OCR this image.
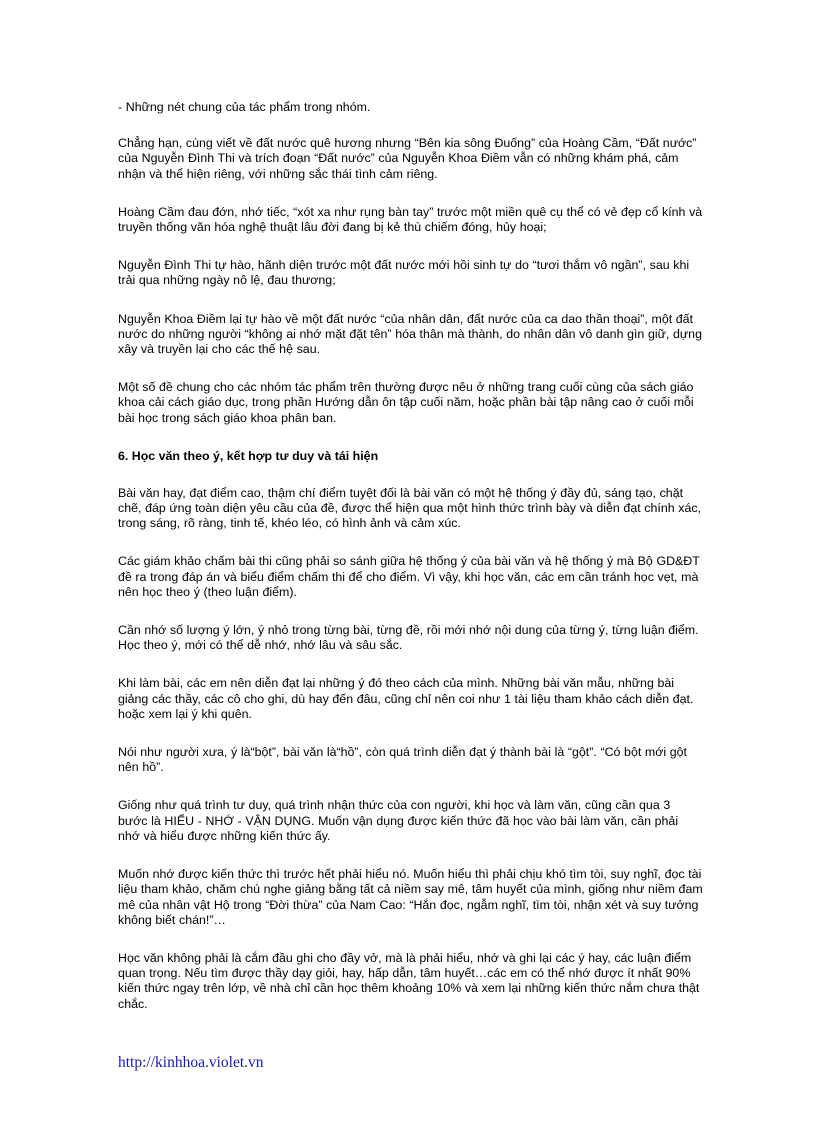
- Những nét chung của tác phẩm trong nhóm.

Chẳng hạn, cùng viết về đất nước quê hương nhưng “Bên kia sông Đuống” của Hoàng Cầm, “Đất nước” của Nguyễn Đình Thi và trích đoạn “Đất nước” của Nguyễn Khoa Điềm vẫn có những khám phá, cảm nhận và thể hiện riêng, với những sắc thái tình cảm riêng.

Hoàng Cầm đau đớn, nhớ tiếc, “xót xa như rụng bàn tay” trước một miền quê cụ thể có vẻ đẹp cổ kính và truyền thống văn hóa nghệ thuật lâu đời đang bị kẻ thù chiếm đóng, hủy hoại;

Nguyễn Đình Thi tự hào, hãnh diện trước một đất nước mới hồi sinh tự do “tươi thắm vô ngần”, sau khi trải qua những ngày nô lệ, đau thương;

Nguyễn Khoa Điềm lại tự hào về một đất nước “của nhân dân, đất nước của ca dao thần thoại”, một đất nước do những người “không ai nhớ mặt đặt tên” hóa thân mà thành, do nhân dân vô danh gìn giữ, dựng xây và truyền lại cho các thế hệ sau.

Một số đề chung cho các nhóm tác phẩm trên thường được nêu ở những trang cuối cùng của sách giáo khoa cải cách giáo dục, trong phần Hướng dẫn ôn tập cuối năm, hoặc phần bài tập nâng cao ở cuối mỗi bài học trong sách giáo khoa phân ban.

6. Học văn theo ý, kết hợp tư duy và tái hiện

Bài văn hay, đạt điểm cao, thậm chí điểm tuyệt đối là bài văn có một hệ thống ý đầy đủ, sáng tạo, chặt chẽ, đáp ứng toàn diện yêu cầu của đề, được thể hiện qua một hình thức trình bày và diễn đạt chính xác, trong sáng, rõ ràng, tinh tế, khéo léo, có hình ảnh và cảm xúc.

Các giám khảo chấm bài thi cũng phải so sánh giữa hệ thống ý của bài văn và hệ thống ý mà Bộ GD&ĐT đề ra trong đáp án và biểu điểm chấm thi để cho điểm. Vì vậy, khi học văn, các em cần tránh học vẹt, mà nên học theo ý (theo luận điểm).

Cần nhớ số lượng ý lớn, ý nhỏ trong từng bài, từng đề, rồi mới nhớ nội dung của từng ý, từng luận điểm. Học theo ý, mới có thể dễ nhớ, nhớ lâu và sâu sắc.

Khi làm bài, các em nên diễn đạt lại những ý đó theo cách của mình. Những bài văn mẫu, những bài giảng các thầy, các cô cho ghi, dù hay đến đâu, cũng chỉ nên coi như 1 tài liệu tham khảo cách diễn đạt. hoặc xem lại ý khi quên.

Nói như người xưa, ý là“bột”, bài văn là“hồ”, còn quá trình diễn đạt ý thành bài là “gột”. “Có bột mới gột nên hồ”.

Giống như quá trình tư duy, quá trình nhận thức của con người, khi học và làm văn, cũng cần qua 3 bước là HIỂU - NHỚ - VẬN DỤNG. Muốn vận dụng được kiến thức đã học vào bài làm văn, cần phải nhớ và hiểu được những kiến thức ấy.

Muốn nhớ được kiến thức thì trước hết phải hiểu nó. Muốn hiểu thì phải chịu khó tìm tòi, suy nghĩ, đọc tài liệu tham khảo, chăm chú nghe giảng bằng tất cả niềm say mê, tâm huyết của mình, giống như niềm đam mê của nhân vật Hộ trong “Đời thừa” của Nam Cao: “Hắn đọc, ngẫm nghĩ, tìm tòi, nhận xét và suy tưởng không biết chán!”…

Học văn không phải là cắm đầu ghi cho đầy vở, mà là phải hiểu, nhớ và ghi lại các ý hay, các luận điểm quan trọng. Nếu tìm được thầy dạy giỏi, hay, hấp dẫn, tâm huyết…các em có thể nhớ được ít nhất 90% kiến thức ngay trên lớp, về nhà chỉ cần học thêm khoảng 10% và xem lại những kiến thức nắm chưa thật chắc.

http://kinhhoa.violet.vn
